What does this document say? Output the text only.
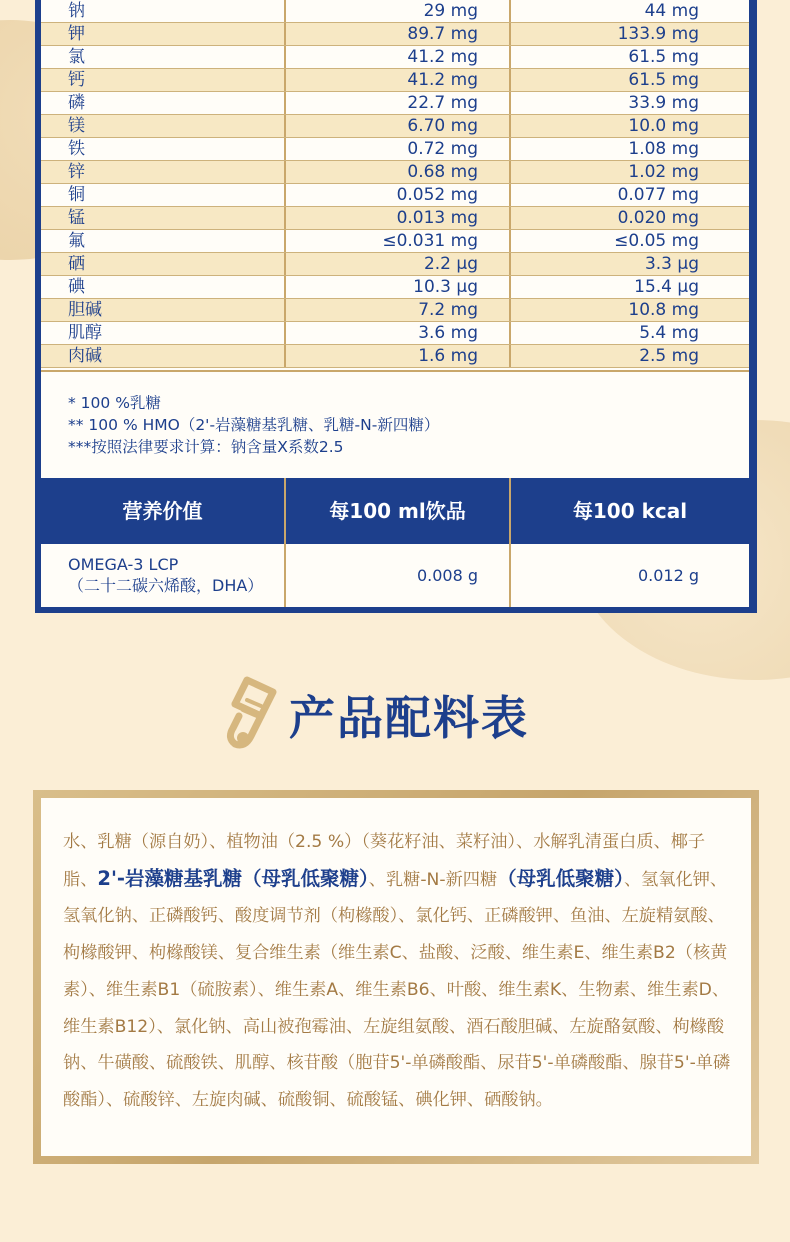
钠	29 mg	44 mg
钾	89.7 mg	133.9 mg
氯	41.2 mg	61.5 mg
钙	41.2 mg	61.5 mg
磷	22.7 mg	33.9 mg
镁	6.70 mg	10.0 mg
铁	0.72 mg	1.08 mg
锌	0.68 mg	1.02 mg
铜	0.052 mg	0.077 mg
锰	0.013 mg	0.020 mg
氟	≤0.031 mg	≤0.05 mg
硒	2.2 μg	3.3 μg
碘	10.3 μg	15.4 μg
胆碱	7.2 mg	10.8 mg
肌醇	3.6 mg	5.4 mg
肉碱	1.6 mg	2.5 mg
* 100 %乳糖
** 100 % HMO（2'-岩藻糖基乳糖、乳糖-N-新四糖）
***按照法律要求计算：钠含量X系数2.5
营养价值	每100 ml饮品	每100 kcal
OMEGA-3 LCP
（二十二碳六烯酸，DHA）
0.008 g	0.012 g
产品配料表
水、乳糖（源自奶）、植物油（2.5 %）（葵花籽油、菜籽油）、水解乳清蛋白质、椰子脂、2'-岩藻糖基乳糖（母乳低聚糖）、乳糖-N-新四糖（母乳低聚糖）、氢氧化钾、氢氧化钠、正磷酸钙、酸度调节剂（枸橼酸）、氯化钙、正磷酸钾、鱼油、左旋精氨酸、枸橼酸钾、枸橼酸镁、复合维生素（维生素C、盐酸、泛酸、维生素E、维生素B2（核黄素）、维生素B1（硫胺素）、维生素A、维生素B6、叶酸、维生素K、生物素、维生素D、维生素B12）、氯化钠、高山被孢霉油、左旋组氨酸、酒石酸胆碱、左旋酪氨酸、枸橼酸钠、牛磺酸、硫酸铁、肌醇、核苷酸（胞苷5'-单磷酸酯、尿苷5'-单磷酸酯、腺苷5'-单磷酸酯）、硫酸锌、左旋肉碱、硫酸铜、硫酸锰、碘化钾、硒酸钠。
